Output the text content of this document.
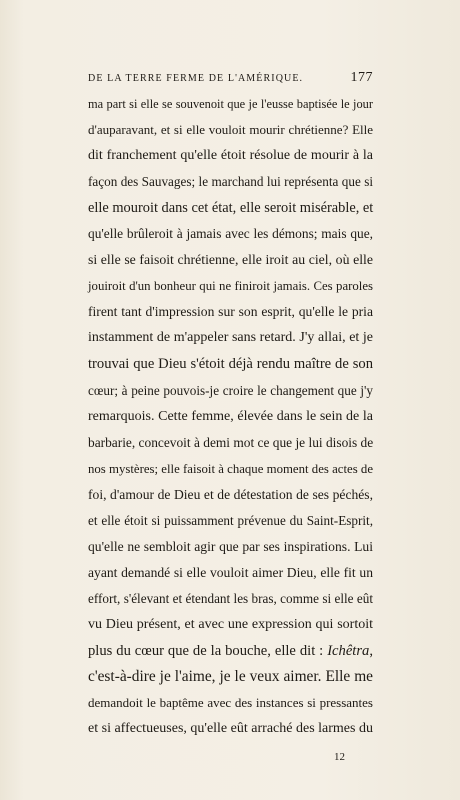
DE LA TERRE FERME DE L'AMÉRIQUE.	177
ma part si elle se souvenoit que je l'eusse baptisée le jour
d'auparavant, et si elle vouloit mourir chrétienne? Elle
dit franchement qu'elle étoit résolue de mourir à la
façon des Sauvages; le marchand lui représenta que si
elle mouroit dans cet état, elle seroit misérable, et
qu'elle brûleroit à jamais avec les démons; mais que,
si elle se faisoit chrétienne, elle iroit au ciel, où elle
jouiroit d'un bonheur qui ne finiroit jamais. Ces paroles
firent tant d'impression sur son esprit, qu'elle le pria
instamment de m'appeler sans retard. J'y allai, et je
trouvai que Dieu s'étoit déjà rendu maître de son
cœur; à peine pouvois-je croire le changement que j'y
remarquois. Cette femme, élevée dans le sein de la
barbarie, concevoit à demi mot ce que je lui disois de
nos mystères; elle faisoit à chaque moment des actes de
foi, d'amour de Dieu et de détestation de ses péchés,
et elle étoit si puissamment prévenue du Saint-Esprit,
qu'elle ne sembloit agir que par ses inspirations. Lui
ayant demandé si elle vouloit aimer Dieu, elle fit un
effort, s'élevant et étendant les bras, comme si elle eût
vu Dieu présent, et avec une expression qui sortoit
plus du cœur que de la bouche, elle dit : Ichêtra,
c'est-à-dire je l'aime, je le veux aimer. Elle me
demandoit le baptême avec des instances si pressantes
et si affectueuses, qu'elle eût arraché des larmes du
12
